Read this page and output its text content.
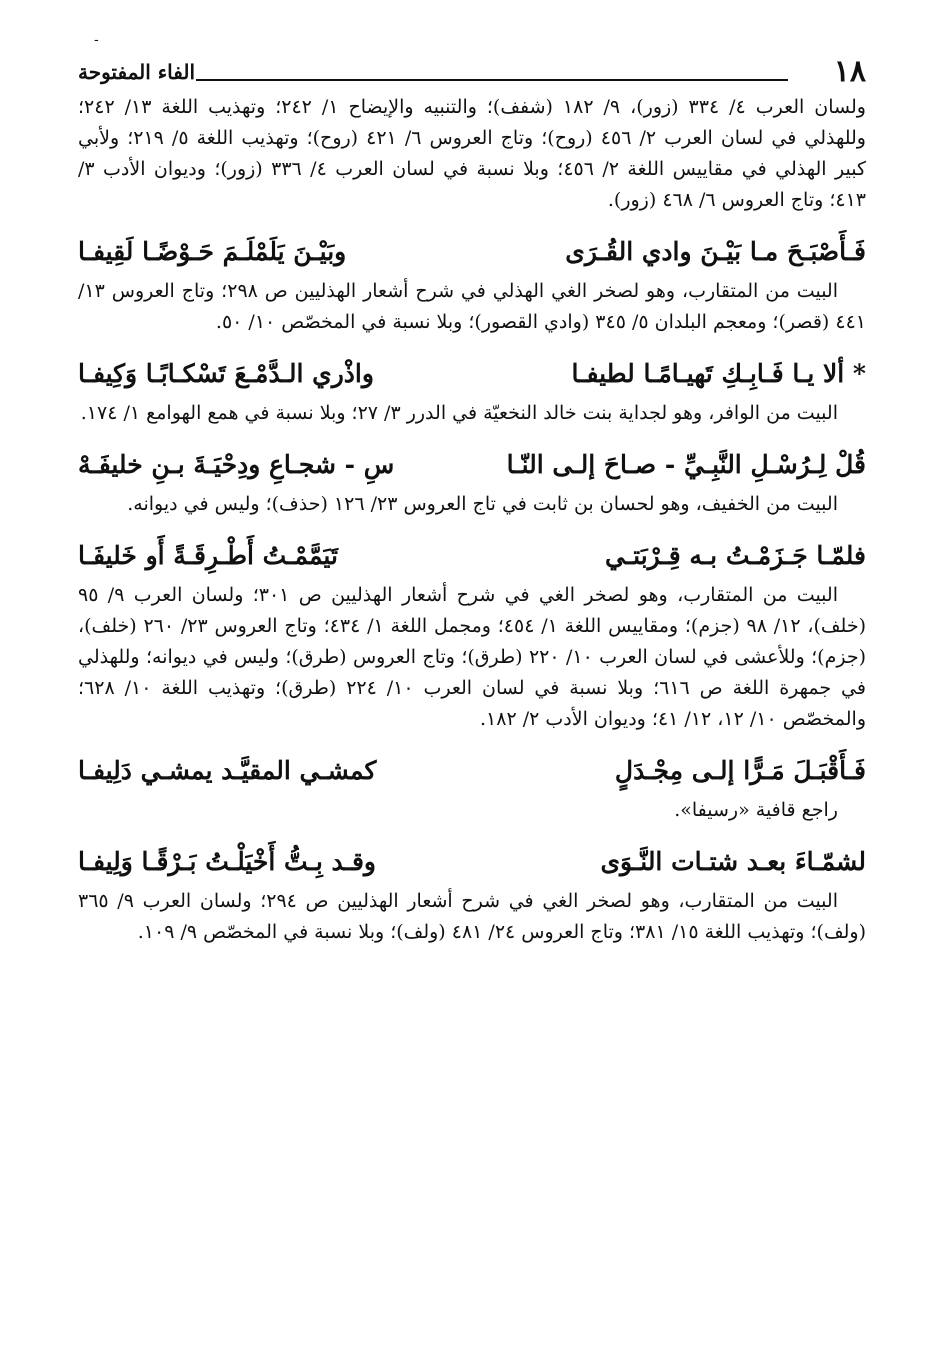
-
١٨
الفاء المفتوحة

ولسان العرب ٤/ ٣٣٤ (زور)، ٩/ ١٨٢ (شفف)؛ والتنبيه والإيضاح ١/ ٢٤٢؛ وتهذيب اللغة ١٣/ ٢٤٢؛ وللهذلي في لسان العرب ٢/ ٤٥٦ (روح)؛ وتاج العروس ٦/ ٤٢١ (روح)؛ وتهذيب اللغة ٥/ ٢١٩؛ ولأبي كبير الهذلي في مقاييس اللغة ٢/ ٤٥٦؛ وبلا نسبة في لسان العرب ٤/ ٣٣٦ (زور)؛ وديوان الأدب ٣/ ٤١٣؛ وتاج العروس ٦/ ٤٦٨ (زور).

فَـأَصْبَـحَ مـا بَيْـنَ وادي القُـرَى
وبَيْـنَ يَلَمْلَـمَ حَـوْضًـا لَقِيفـا

البيت من المتقارب، وهو لصخر الغي الهذلي في شرح أشعار الهذليين ص ٢٩٨؛ وتاج العروس ١٣/ ٤٤١ (قصر)؛ ومعجم البلدان ٥/ ٣٤٥ (وادي القصور)؛ وبلا نسبة في المخصّص ١٠/ ٥٠.

* ألا يـا فَـابِـكِ تَهيـامًـا لطيفـا
واذْري الـدَّمْـعَ تَسْكـابًـا وَكِيفـا

البيت من الوافر، وهو لجداية بنت خالد النخعيّة في الدرر ٣/ ٢٧؛ وبلا نسبة في همع الهوامع ١/ ١٧٤.

قُلْ لِـرُسْـلِ النَّبِـيِّ - صـاحَ إلـى النّـا
سِ - شجـاعِ ودِحْيَـةَ بـنِ خليفَـهْ

البيت من الخفيف، وهو لحسان بن ثابت في تاج العروس ٢٣/ ١٢٦ (حذف)؛ وليس في ديوانه.

فلمّـا جَـزَمْـتُ بـه قِـرْبَتـي
تَيَمَّمْـتُ أَطْـرِقَـةً أَو خَليفَـا

البيت من المتقارب، وهو لصخر الغي في شرح أشعار الهذليين ص ٣٠١؛ ولسان العرب ٩/ ٩٥ (خلف)، ١٢/ ٩٨ (جزم)؛ ومقاييس اللغة ١/ ٤٥٤؛ ومجمل اللغة ١/ ٤٣٤؛ وتاج العروس ٢٣/ ٢٦٠ (خلف)، (جزم)؛ وللأعشى في لسان العرب ١٠/ ٢٢٠ (طرق)؛ وتاج العروس (طرق)؛ وليس في ديوانه؛ وللهذلي في جمهرة اللغة ص ٦١٦؛ وبلا نسبة في لسان العرب ١٠/ ٢٢٤ (طرق)؛ وتهذيب اللغة ١٠/ ٦٢٨؛ والمخصّص ١٠/ ١٢، ١٢/ ٤١؛ وديوان الأدب ٢/ ١٨٢.

فَـأَقْبَـلَ مَـرًّا إلـى مِجْـدَلٍ
كمشـي المقيَّـد يمشـي دَلِيفـا

راجع قافية «رسيفا».

لشمّـاءَ بعـد شتـات النَّـوَى
وقـد بِـتُّ أَخْيَلْـتُ بَـرْقًـا وَلِيفـا

البيت من المتقارب، وهو لصخر الغي في شرح أشعار الهذليين ص ٢٩٤؛ ولسان العرب ٩/ ٣٦٥ (ولف)؛ وتهذيب اللغة ١٥/ ٣٨١؛ وتاج العروس ٢٤/ ٤٨١ (ولف)؛ وبلا نسبة في المخصّص ٩/ ١٠٩.
